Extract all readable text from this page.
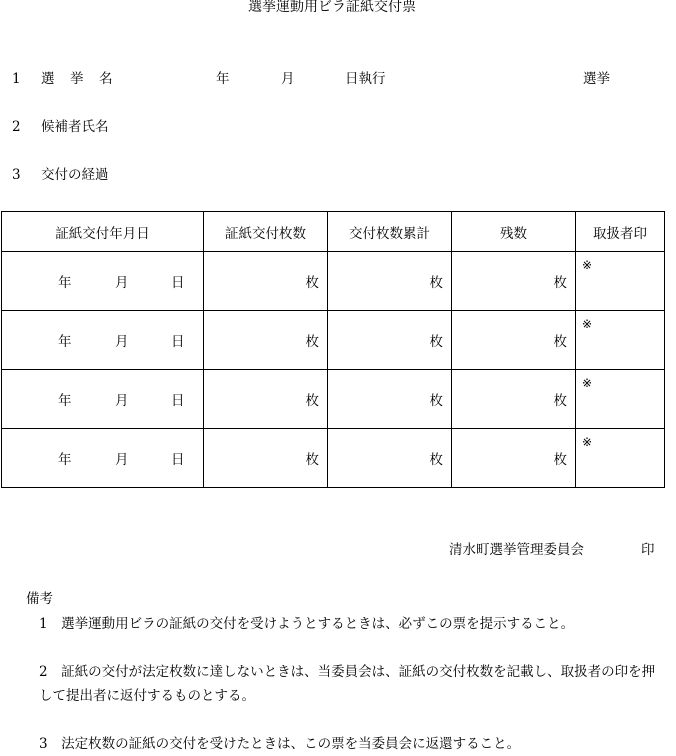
選挙運動用ビラ証紙交付票
1 選　挙　名	年	月	日執行	選挙
2 候補者氏名
3 交付の経過
証紙交付年月日	証紙交付枚数	交付枚数累計	残数	取扱者印

年 月 日	枚	枚	枚	※

年 月 日	枚	枚	枚	※

年 月 日	枚	枚	枚	※

年 月 日	枚	枚	枚	※
清水町選挙管理委員会	印
備考
1　選挙運動用ビラの証紙の交付を受けようとするときは、必ずこの票を提示すること。
2　証紙の交付が法定枚数に達しないときは、当委員会は、証紙の交付枚数を記載し、取扱者の印を押して提出者に返付するものとする。
3　法定枚数の証紙の交付を受けたときは、この票を当委員会に返還すること。
